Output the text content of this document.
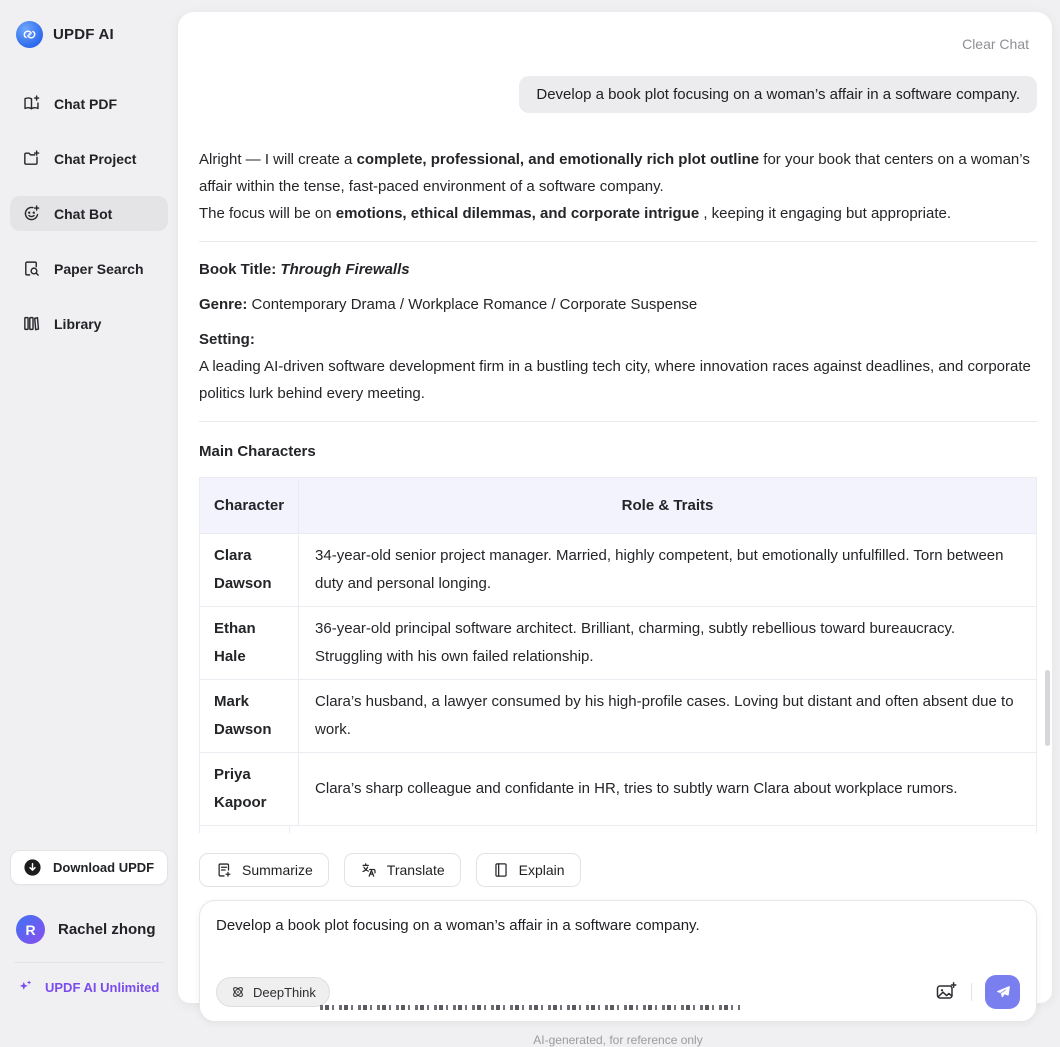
UPDF AI
Chat PDF
Chat Project
Chat Bot
Paper Search
Library
Download UPDF
R	Rachel zhong
UPDF AI Unlimited
Clear Chat
Develop a book plot focusing on a woman’s affair in a software company.
Alright — I will create a complete, professional, and emotionally rich plot outline for your book that centers on a woman’s affair within the tense, fast-paced environment of a software company.
The focus will be on emotions, ethical dilemmas, and corporate intrigue , keeping it engaging but appropriate.
Book Title: Through Firewalls
Genre: Contemporary Drama / Workplace Romance / Corporate Suspense
Setting:
A leading AI-driven software development firm in a bustling tech city, where innovation races against deadlines, and corporate politics lurk behind every meeting.
Main Characters
Character	Role & Traits
Clara Dawson	34-year-old senior project manager. Married, highly competent, but emotionally unfulfilled. Torn between duty and personal longing.
Ethan Hale	36-year-old principal software architect. Brilliant, charming, subtly rebellious toward bureaucracy. Struggling with his own failed relationship.
Mark Dawson	Clara’s husband, a lawyer consumed by his high-profile cases. Loving but distant and often absent due to work.
Priya Kapoor	Clara’s sharp colleague and confidante in HR, tries to subtly warn Clara about workplace rumors.
Summarize	Translate	Explain
Develop a book plot focusing on a woman’s affair in a software company.
DeepThink
AI-generated, for reference only
